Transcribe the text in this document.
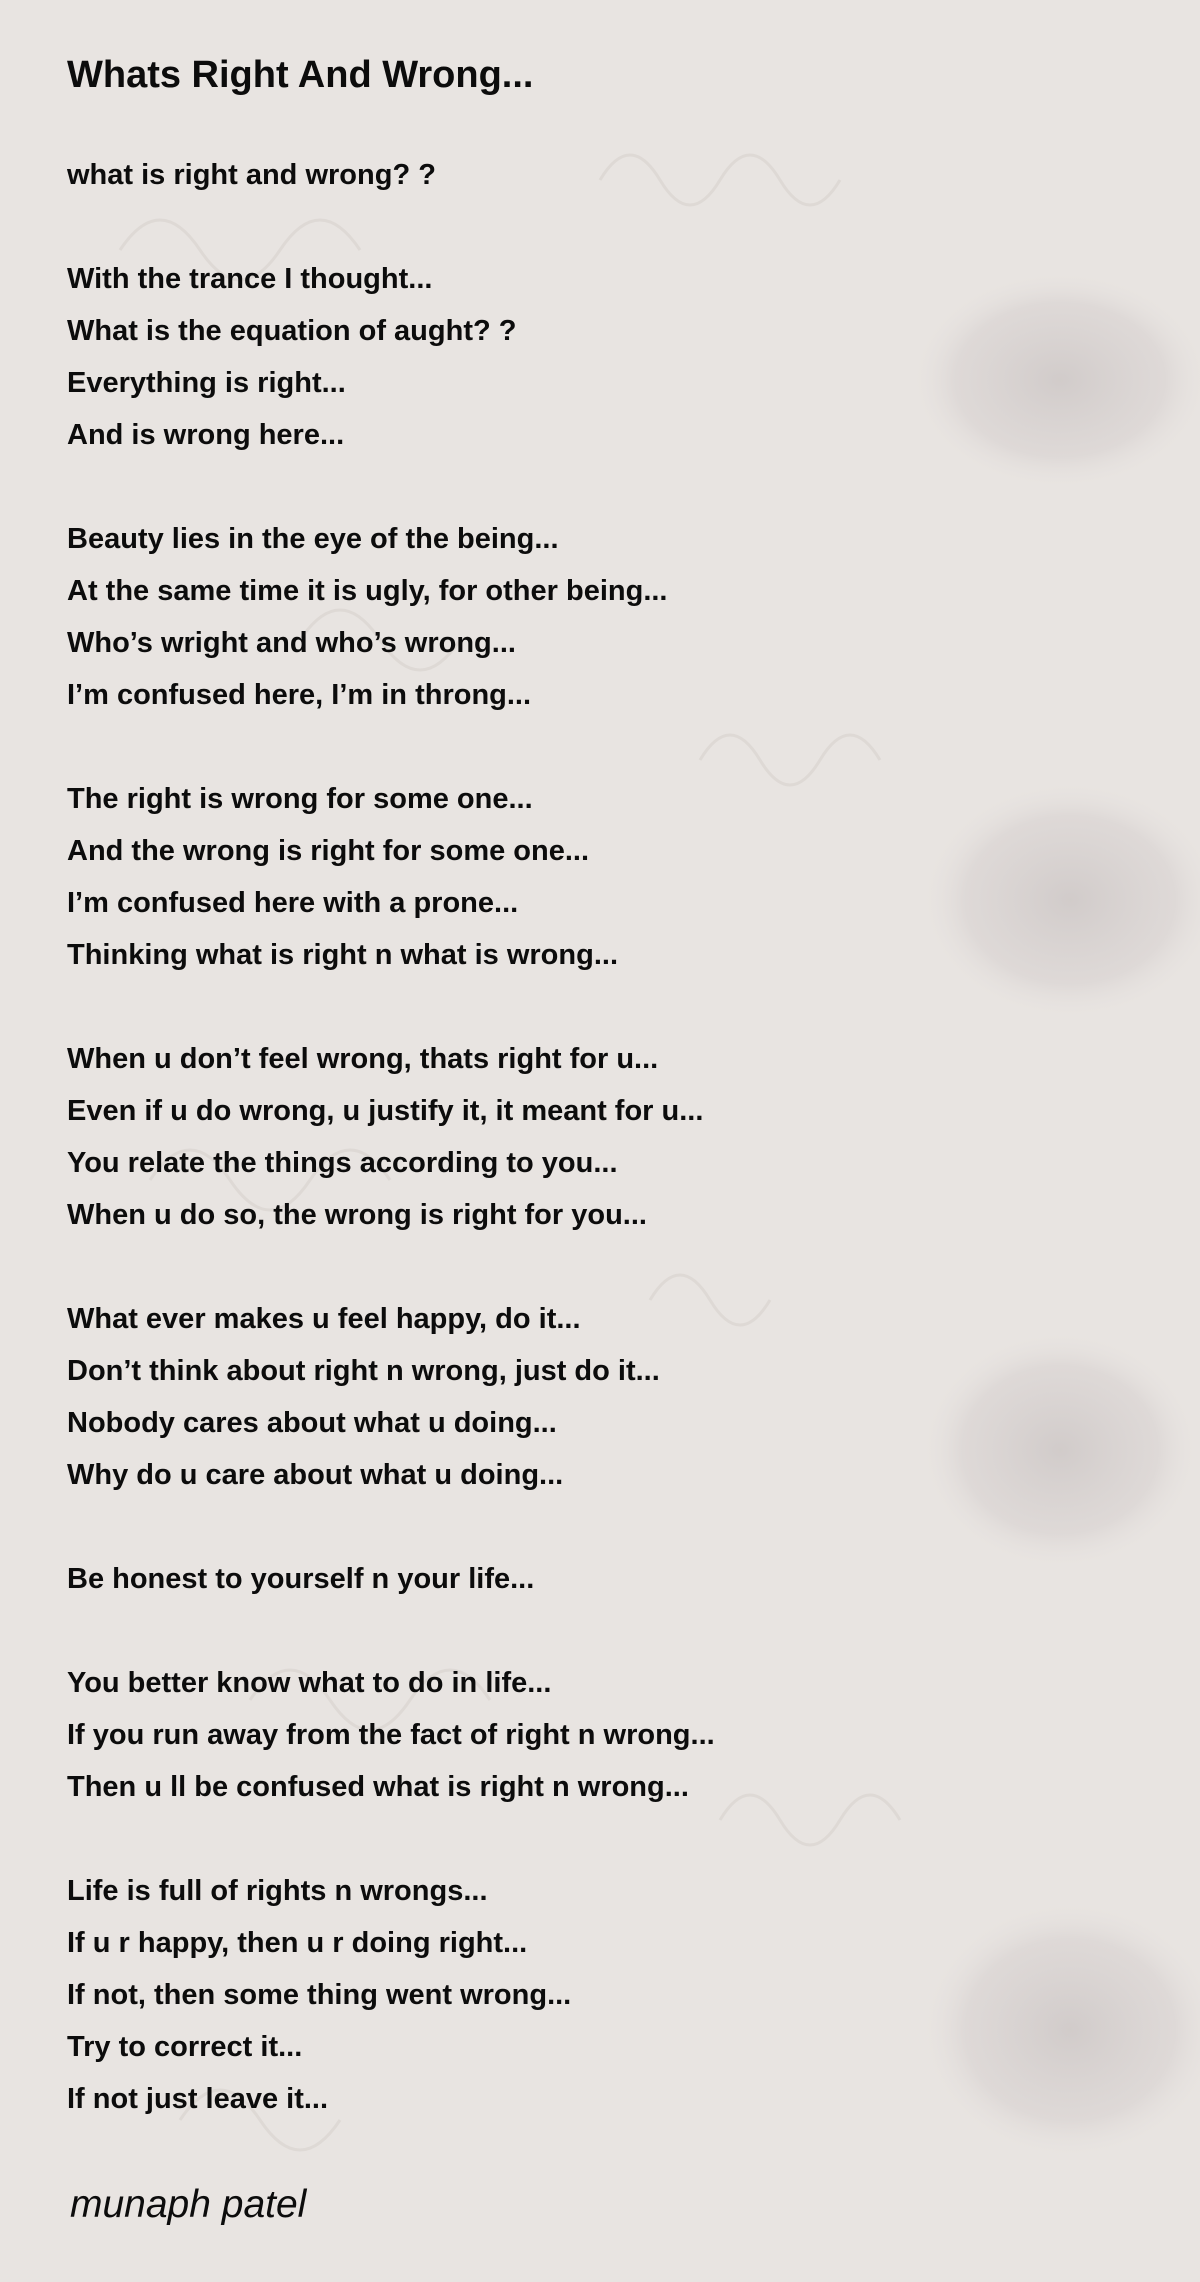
Whats Right And Wrong...
what is right and wrong? ?
With the trance I thought...
What is the equation of aught? ?
Everything is right...
And is wrong here...
Beauty lies in the eye of the being...
At the same time it is ugly, for other being...
Who’s wright and who’s wrong...
I’m confused here, I’m in throng...
The right is wrong for some one...
And the wrong is right for some one...
I’m confused here with a prone...
Thinking what is right n what is wrong...
When u don’t feel wrong, thats right for u...
Even if u do wrong, u justify it, it meant for u...
You relate the things according to you...
When u do so, the wrong is right for you...
What ever makes u feel happy, do it...
Don’t think about right n wrong, just do it...
Nobody cares about what u doing...
Why do u care about what u doing...
Be honest to yourself n your life...
You better know what to do in life...
If you run away from the fact of right n wrong...
Then u ll be confused what is right n wrong...
Life is full of rights n wrongs...
If u r happy, then u r doing right...
If not, then some thing went wrong...
Try to correct it...
If not just leave it...
munaph patel
